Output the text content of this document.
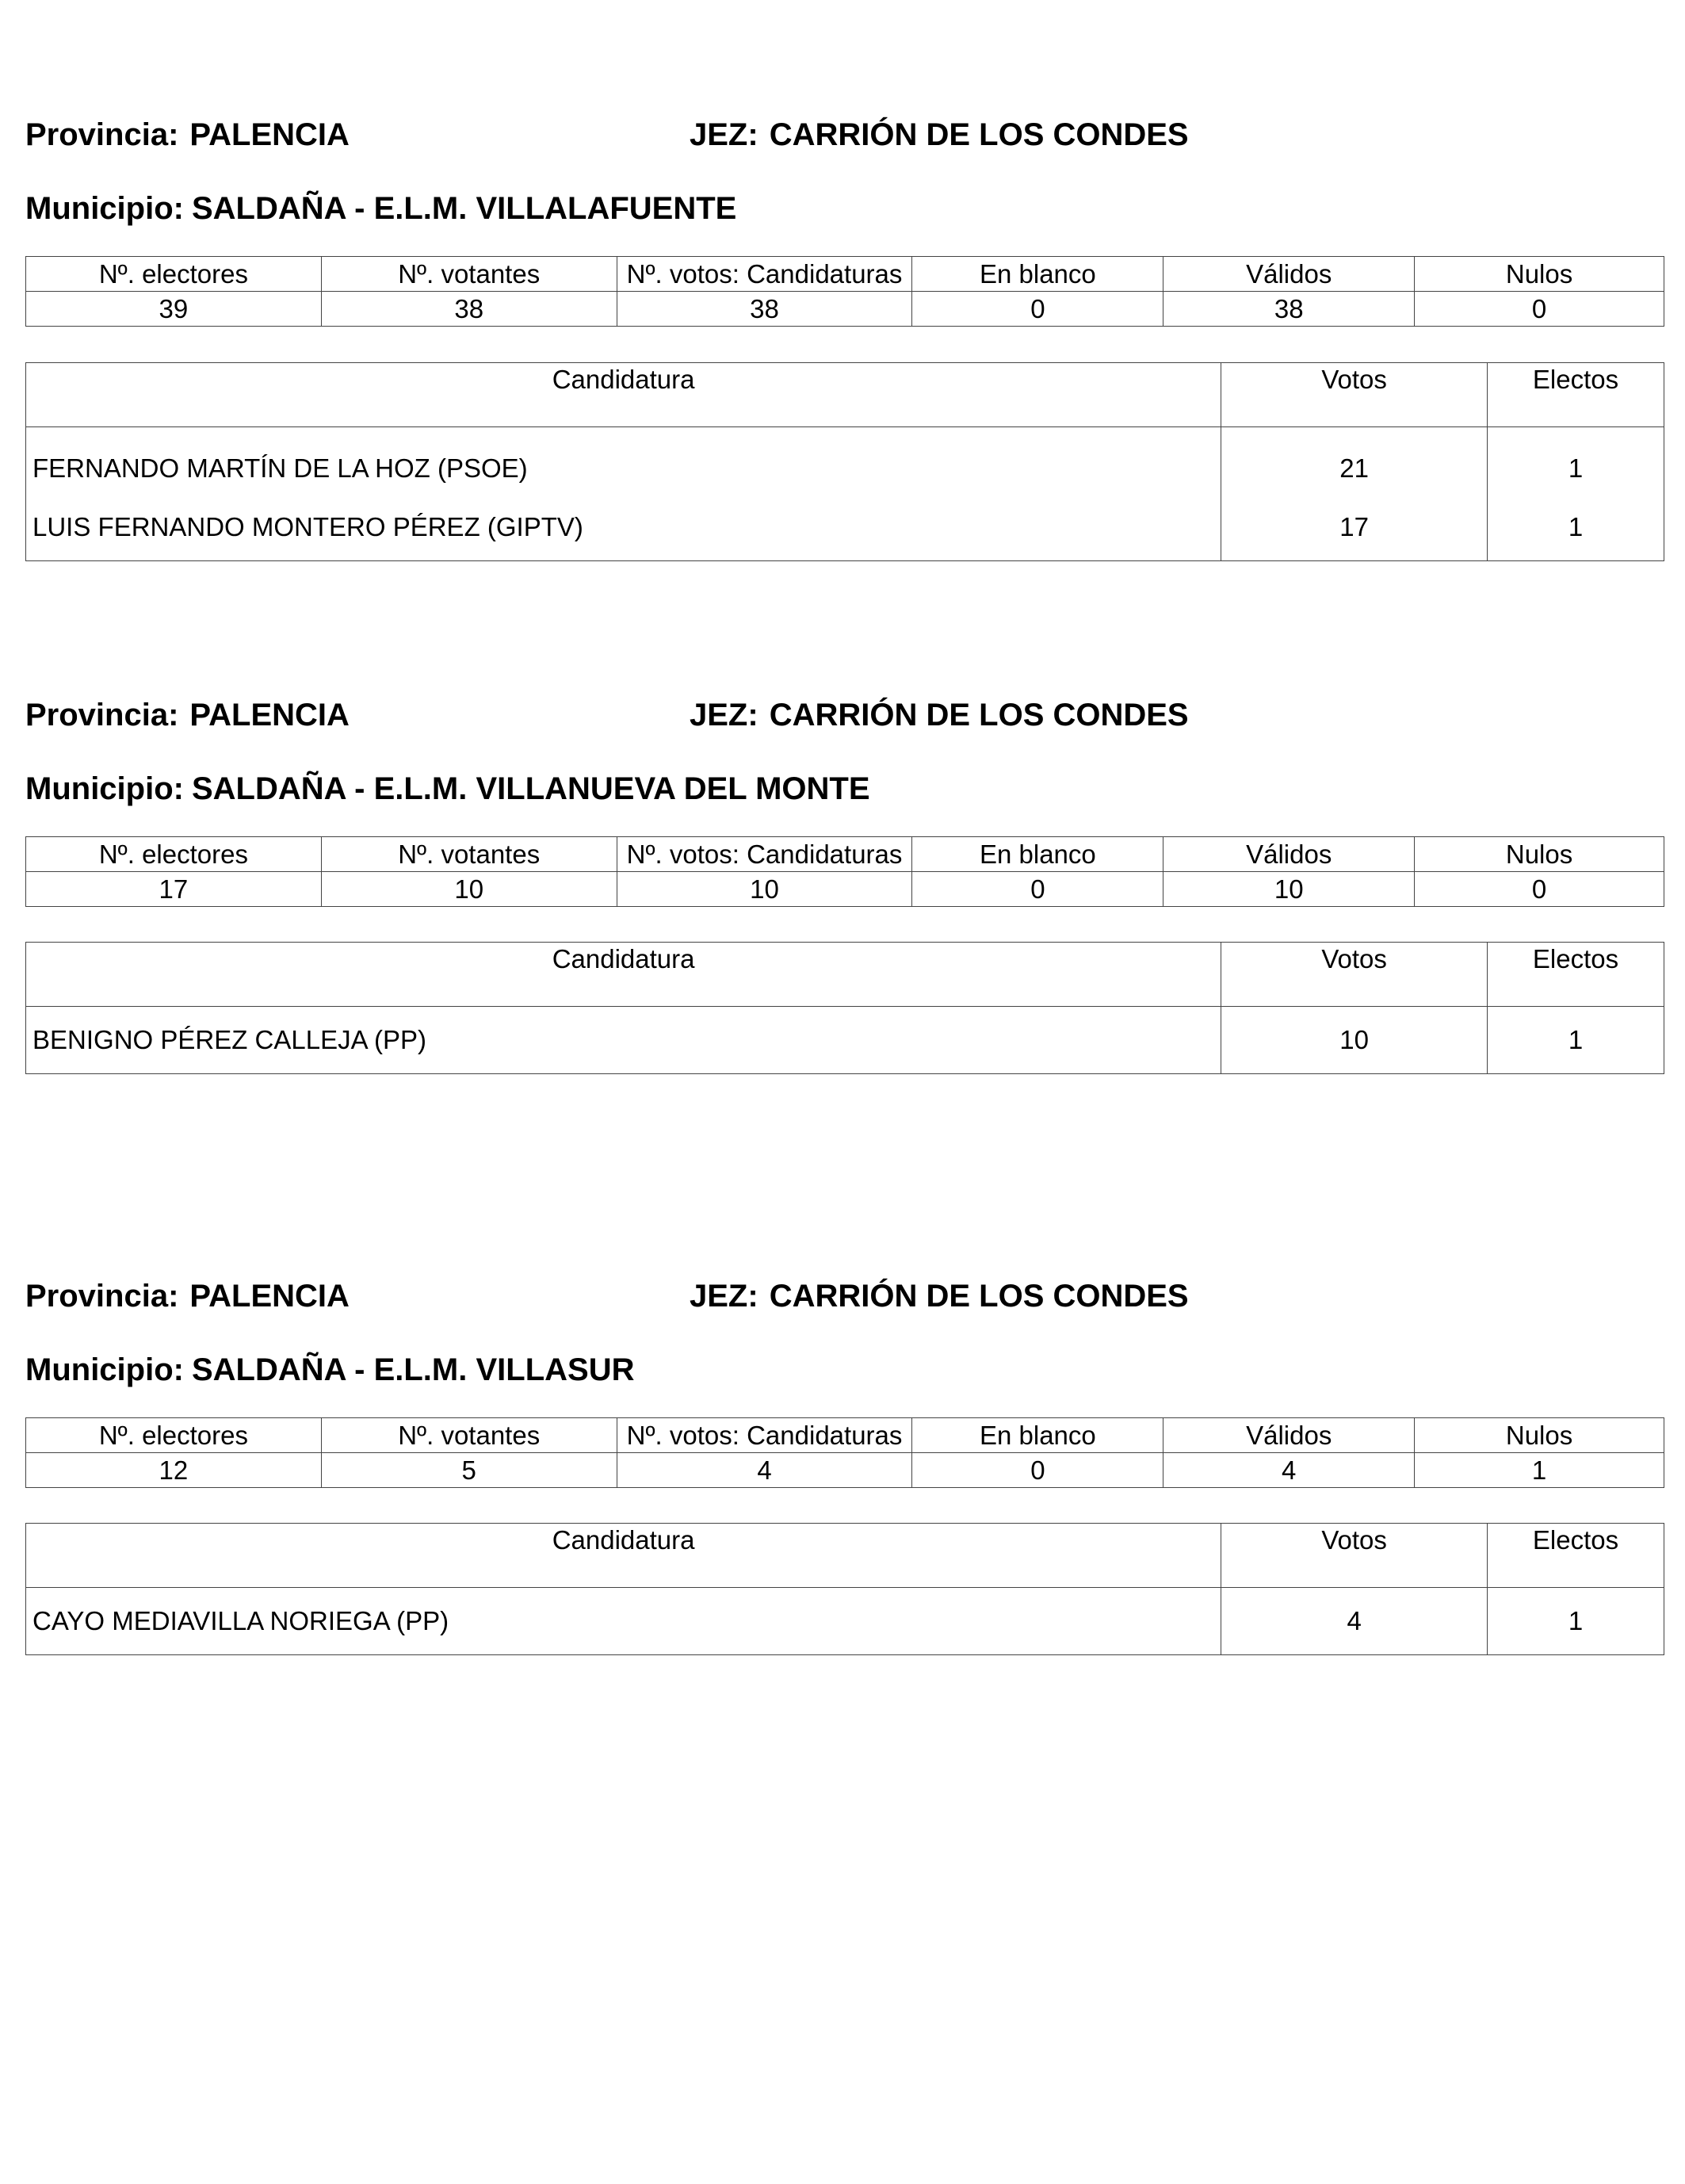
Provincia: PALENCIA	JEZ: CARRIÓN DE LOS CONDES
Municipio: SALDAÑA - E.L.M. VILLALAFUENTE
Nº. electores	Nº. votantes	Nº. votos: Candidaturas	En blanco	Válidos	Nulos
39	38	38	0	38	0
Candidatura	Votos	Electos
FERNANDO MARTÍN DE LA HOZ (PSOE)	21	1
LUIS FERNANDO MONTERO PÉREZ (GIPTV)	17	1
Provincia: PALENCIA	JEZ: CARRIÓN DE LOS CONDES
Municipio: SALDAÑA - E.L.M. VILLANUEVA DEL MONTE
Nº. electores	Nº. votantes	Nº. votos: Candidaturas	En blanco	Válidos	Nulos
17	10	10	0	10	0
Candidatura	Votos	Electos
BENIGNO PÉREZ CALLEJA (PP)	10	1
Provincia: PALENCIA	JEZ: CARRIÓN DE LOS CONDES
Municipio: SALDAÑA - E.L.M. VILLASUR
Nº. electores	Nº. votantes	Nº. votos: Candidaturas	En blanco	Válidos	Nulos
12	5	4	0	4	1
Candidatura	Votos	Electos
CAYO MEDIAVILLA NORIEGA (PP)	4	1
